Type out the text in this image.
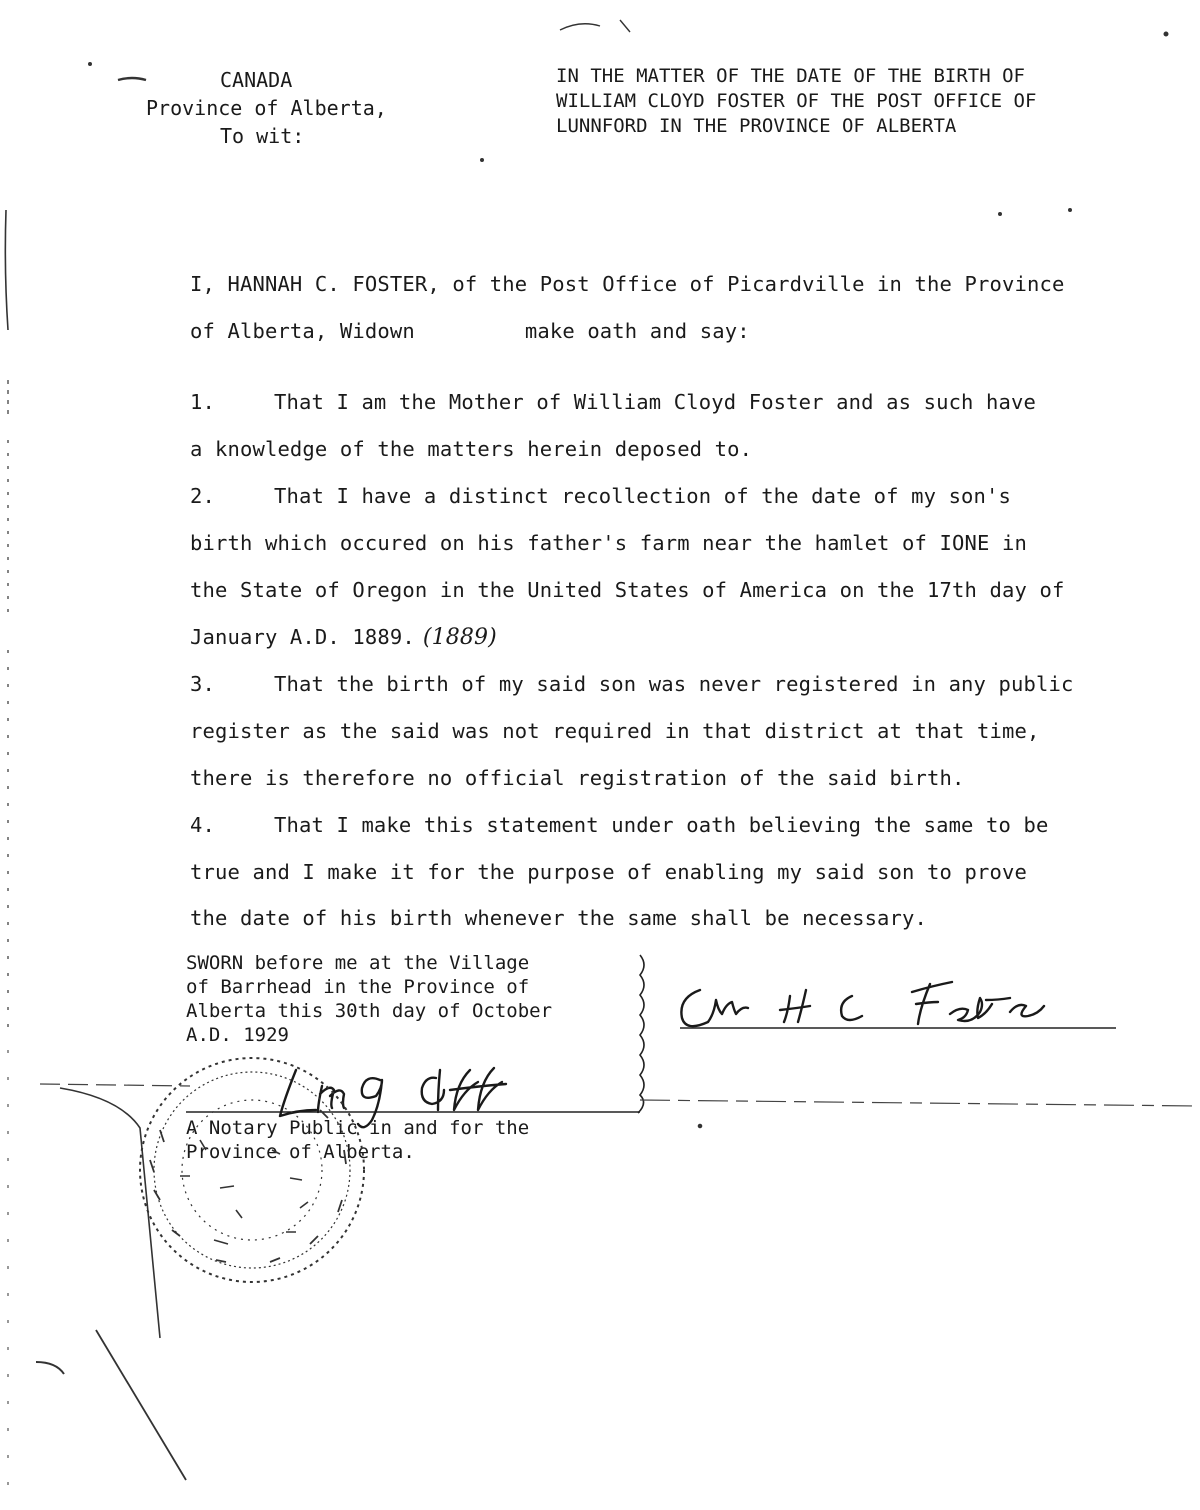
CANADA
Province of Alberta,
To wit:
IN THE MATTER OF THE DATE OF THE BIRTH OF
WILLIAM CLOYD FOSTER OF THE POST OFFICE OF
LUNNFORD IN THE PROVINCE OF ALBERTA
I, HANNAH C. FOSTER, of the Post Office of Picardville in the Province
of Alberta, Widown	make oath and say:
1.	That I am the Mother of William Cloyd Foster and as such have
a knowledge of the matters herein deposed to.
2.	That I have a distinct recollection of the date of my son's
birth which occured on his father's farm near the hamlet of IONE in
the State of Oregon in the United States of America on the 17th day of
January A.D. 1889. (1889)
3.	That the birth of my said son was never registered in any public
register as the said was not required in that district at that time,
there is therefore no official registration of the said birth.
4.	That I make this statement under oath believing the same to be
true and I make it for the purpose of enabling my said son to prove
the date of his birth whenever the same shall be necessary.
SWORN before me at the Village
of Barrhead in the Province of
Alberta this 30th day of October
A.D. 1929
A Notary Public in and for the
Province of Alberta.
